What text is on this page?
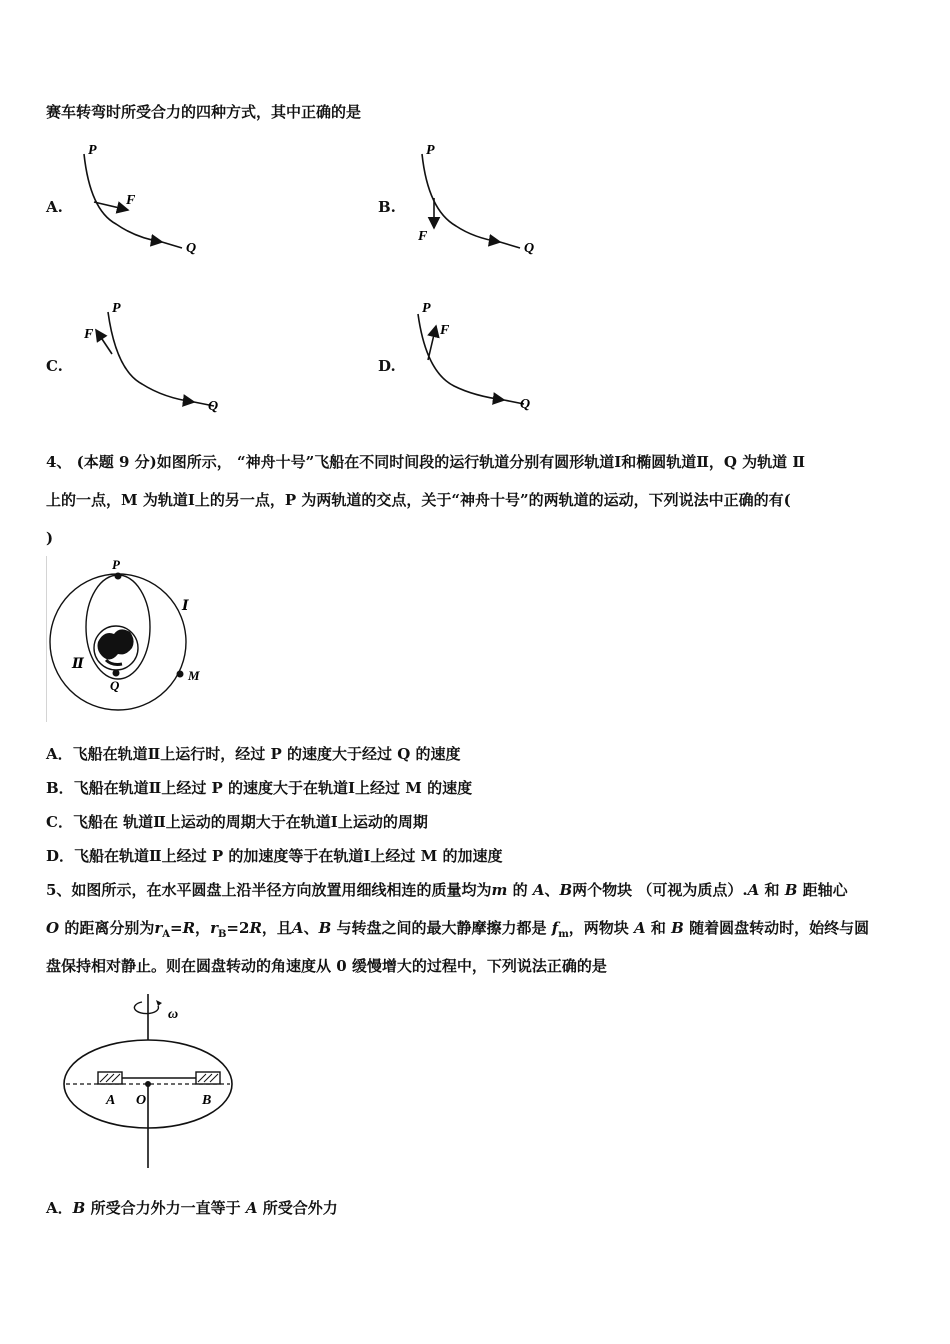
赛车转弯时所受合力的四种方式，其中正确的是
A.
P
F
Q
B.
P
F
Q
C.
P
F
Q
D.
P
F
Q
4、 (本题 9 分)如图所示， “神舟十号”飞船在不同时间段的运行轨道分别有圆形轨道Ⅰ和椭圆轨道Ⅱ，Q 为轨道 Ⅱ
上的一点，M 为轨道Ⅰ上的另一点，P 为两轨道的交点，关于“神舟十号”的两轨道的运动，下列说法中正确的有(
)
P
Q
M
Ⅰ
Ⅱ
A．飞船在轨道Ⅱ上运行时，经过 P 的速度大于经过 Q 的速度
B．飞船在轨道Ⅱ上经过 P 的速度大于在轨道Ⅰ上经过 M 的速度
C．飞船在 轨道Ⅱ上运动的周期大于在轨道Ⅰ上运动的周期
D．飞船在轨道Ⅱ上经过 P 的加速度等于在轨道Ⅰ上经过 M 的加速度
5、如图所示，在水平圆盘上沿半径方向放置用细线相连的质量均为m 的 A、B两个物块 （可视为质点）.A 和 B 距轴心
O 的距离分别为$r_A=R$，$r_B=2R$，且A、B 与转盘之间的最大静摩擦力都是 $f_m$，两物块 A 和 B 随着圆盘转动时，始终与圆
盘保持相对静止。则在圆盘转动的角速度从 0 缓慢增大的过程中，下列说法正确的是
ω
A O	B
A．B 所受合力外力一直等于 A 所受合外力
